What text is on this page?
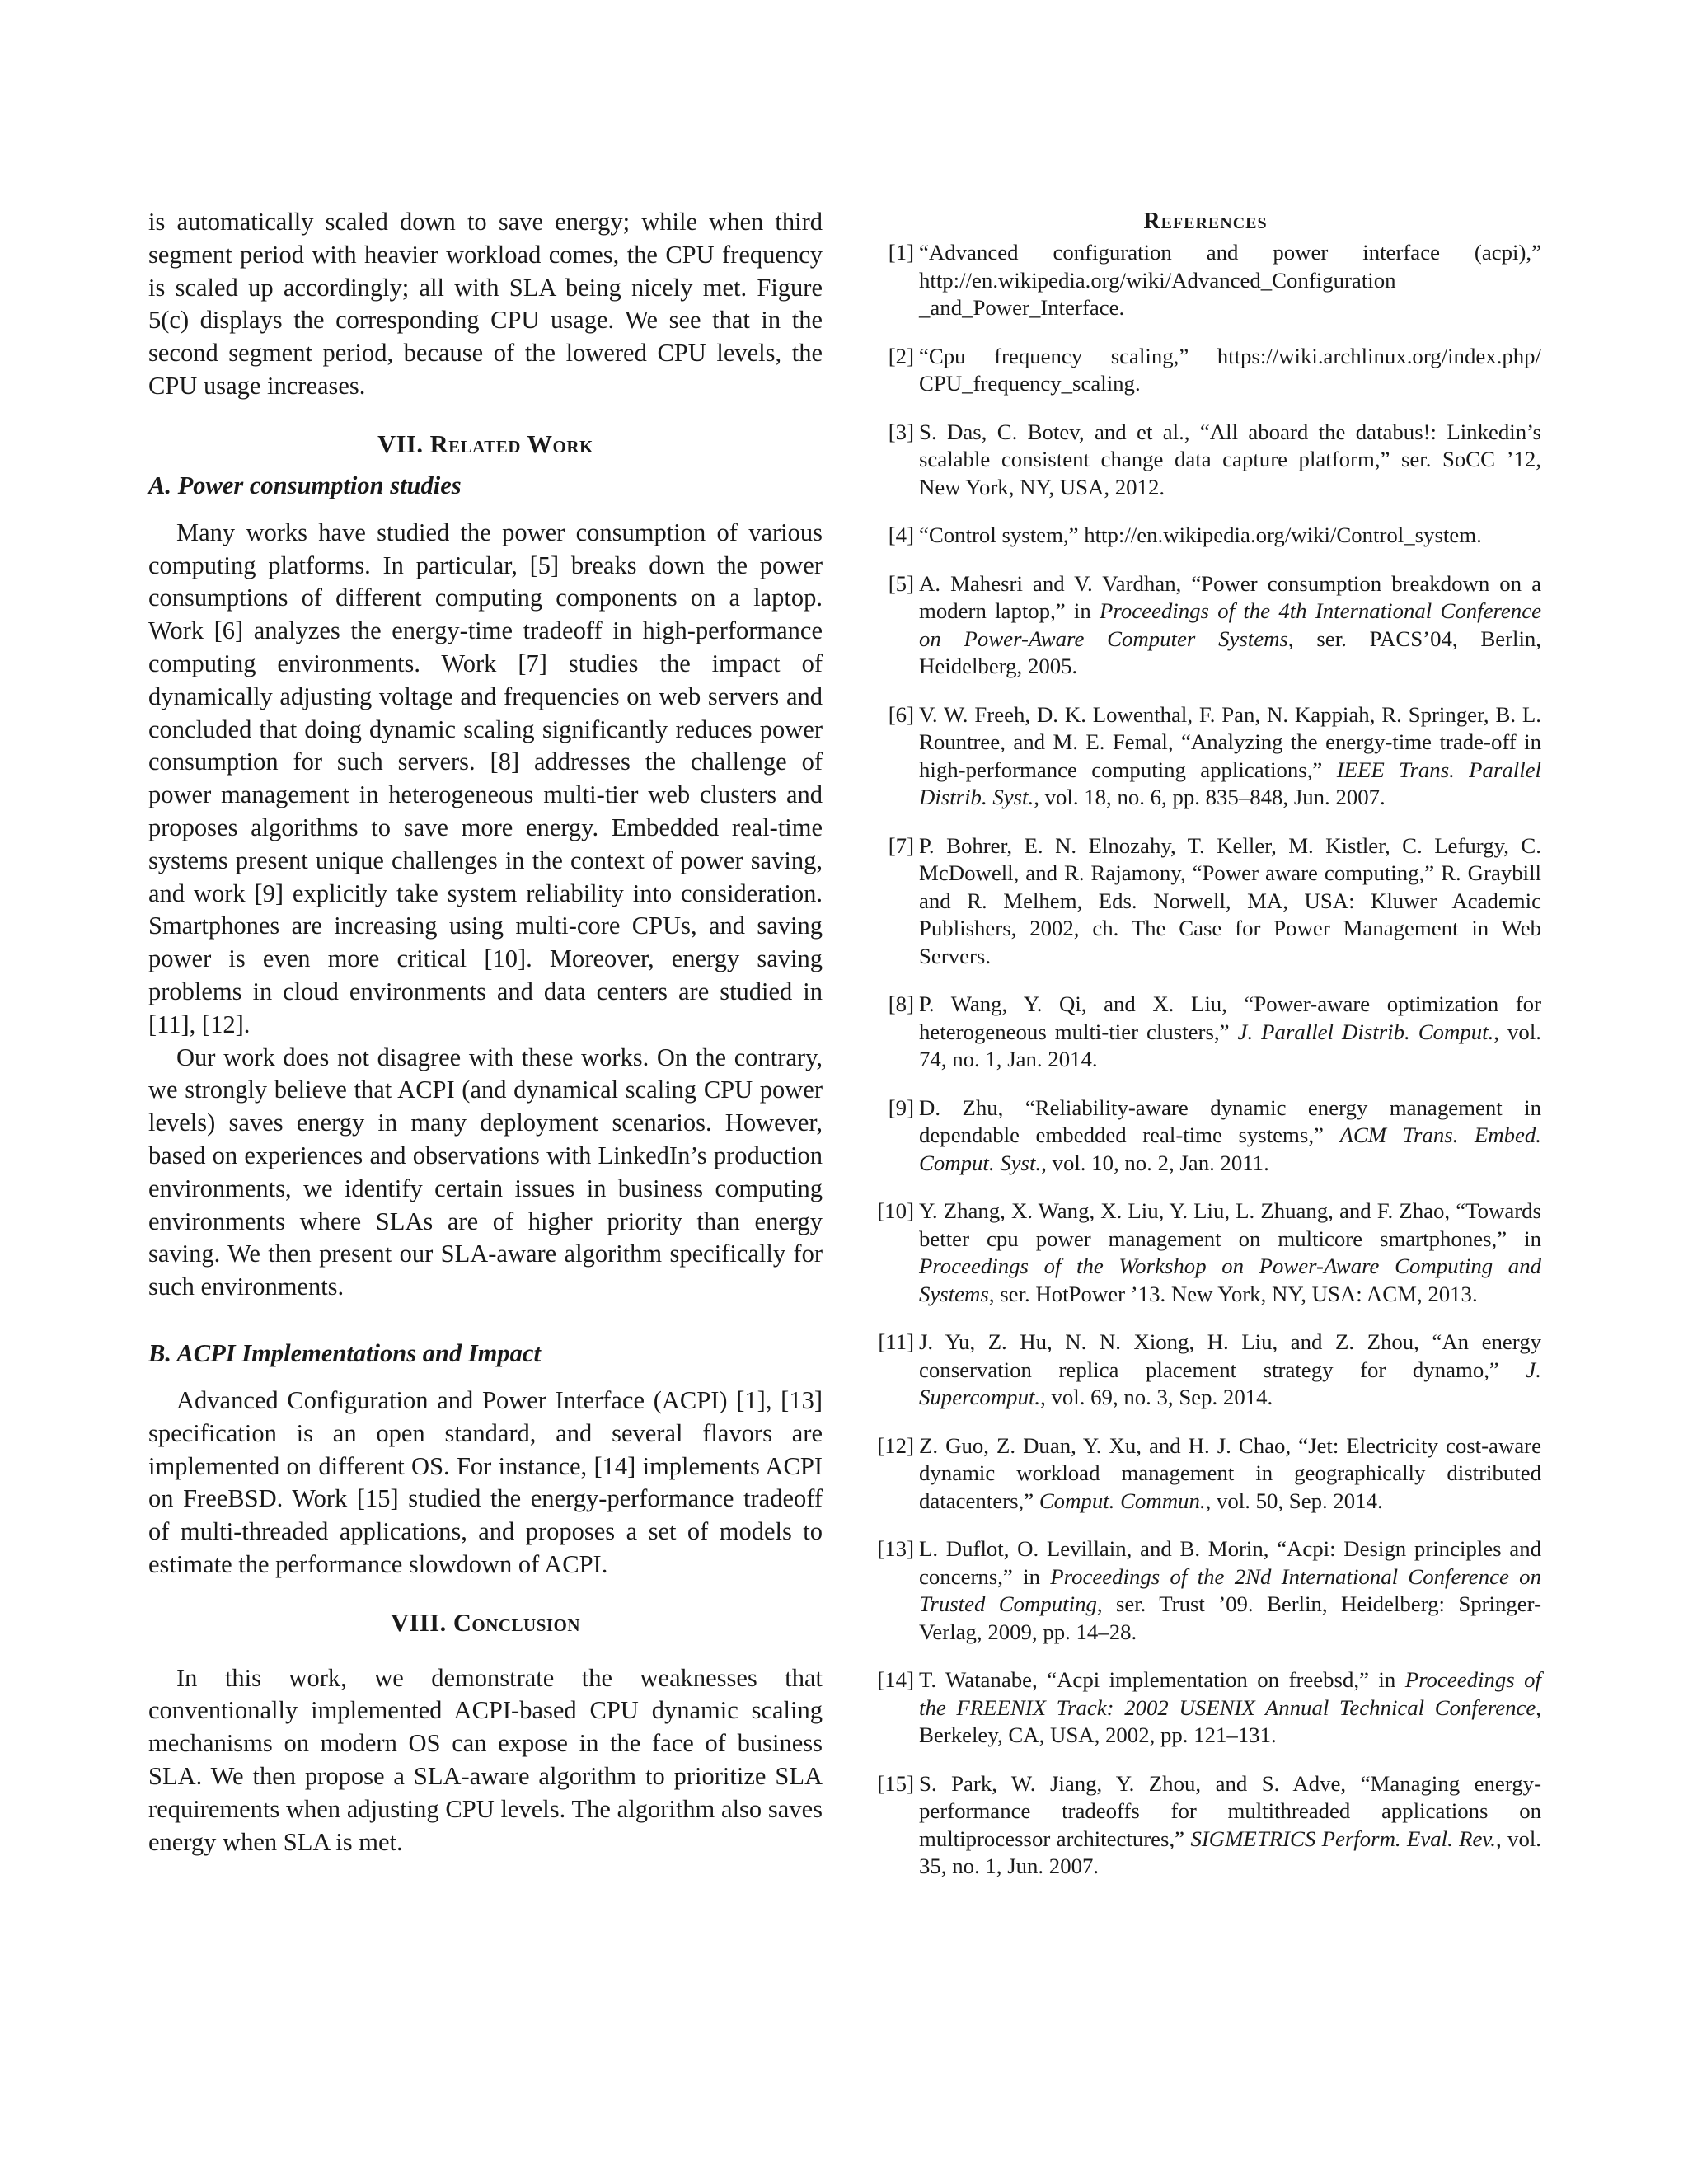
is automatically scaled down to save energy; while when third segment period with heavier workload comes, the CPU frequency is scaled up accordingly; all with SLA being nicely met. Figure 5(c) displays the corresponding CPU usage. We see that in the second segment period, because of the lowered CPU levels, the CPU usage increases.

VII. Related Work
A. Power consumption studies

Many works have studied the power consumption of various computing platforms. In particular, [5] breaks down the power consumptions of different computing components on a laptop. Work [6] analyzes the energy-time tradeoff in high-performance computing environments. Work [7] studies the impact of dynamically adjusting voltage and frequencies on web servers and concluded that doing dynamic scaling significantly reduces power consumption for such servers. [8] addresses the challenge of power management in heterogeneous multi-tier web clusters and proposes algorithms to save more energy. Embedded real-time systems present unique challenges in the context of power saving, and work [9] explicitly take system reliability into consideration. Smartphones are increasing using multi-core CPUs, and saving power is even more critical [10]. Moreover, energy saving problems in cloud environments and data centers are studied in [11], [12].

Our work does not disagree with these works. On the contrary, we strongly believe that ACPI (and dynamical scaling CPU power levels) saves energy in many deployment scenarios. However, based on experiences and observations with LinkedIn’s production environments, we identify certain issues in business computing environments where SLAs are of higher priority than energy saving. We then present our SLA-aware algorithm specifically for such environments.

B. ACPI Implementations and Impact

Advanced Configuration and Power Interface (ACPI) [1], [13] specification is an open standard, and several flavors are implemented on different OS. For instance, [14] implements ACPI on FreeBSD. Work [15] studied the energy-performance tradeoff of multi-threaded applications, and proposes a set of models to estimate the performance slowdown of ACPI.

VIII. Conclusion

In this work, we demonstrate the weaknesses that conventionally implemented ACPI-based CPU dynamic scaling mechanisms on modern OS can expose in the face of business SLA. We then propose a SLA-aware algorithm to prioritize SLA requirements when adjusting CPU levels. The algorithm also saves energy when SLA is met.

References
[1] “Advanced configuration and power interface (acpi),” http://en.wikipedia.org/wiki/Advanced_Configuration _and_Power_Interface.
[2] “Cpu frequency scaling,” https://wiki.archlinux.org/index.php/ CPU_frequency_scaling.
[3] S. Das, C. Botev, and et al., “All aboard the databus!: Linkedin’s scalable consistent change data capture platform,” ser. SoCC ’12, New York, NY, USA, 2012.
[4] “Control system,” http://en.wikipedia.org/wiki/Control_system.
[5] A. Mahesri and V. Vardhan, “Power consumption breakdown on a modern laptop,” in Proceedings of the 4th International Conference on Power-Aware Computer Systems, ser. PACS’04, Berlin, Heidelberg, 2005.
[6] V. W. Freeh, D. K. Lowenthal, F. Pan, N. Kappiah, R. Springer, B. L. Rountree, and M. E. Femal, “Analyzing the energy-time trade-off in high-performance computing applications,” IEEE Trans. Parallel Distrib. Syst., vol. 18, no. 6, pp. 835–848, Jun. 2007.
[7] P. Bohrer, E. N. Elnozahy, T. Keller, M. Kistler, C. Lefurgy, C. McDowell, and R. Rajamony, “Power aware computing,” R. Graybill and R. Melhem, Eds. Norwell, MA, USA: Kluwer Academic Publishers, 2002, ch. The Case for Power Management in Web Servers.
[8] P. Wang, Y. Qi, and X. Liu, “Power-aware optimization for heterogeneous multi-tier clusters,” J. Parallel Distrib. Comput., vol. 74, no. 1, Jan. 2014.
[9] D. Zhu, “Reliability-aware dynamic energy management in dependable embedded real-time systems,” ACM Trans. Embed. Comput. Syst., vol. 10, no. 2, Jan. 2011.
[10] Y. Zhang, X. Wang, X. Liu, Y. Liu, L. Zhuang, and F. Zhao, “Towards better cpu power management on multicore smartphones,” in Proceedings of the Workshop on Power-Aware Computing and Systems, ser. HotPower ’13. New York, NY, USA: ACM, 2013.
[11] J. Yu, Z. Hu, N. N. Xiong, H. Liu, and Z. Zhou, “An energy conservation replica placement strategy for dynamo,” J. Supercomput., vol. 69, no. 3, Sep. 2014.
[12] Z. Guo, Z. Duan, Y. Xu, and H. J. Chao, “Jet: Electricity cost-aware dynamic workload management in geographically distributed datacenters,” Comput. Commun., vol. 50, Sep. 2014.
[13] L. Duflot, O. Levillain, and B. Morin, “Acpi: Design principles and concerns,” in Proceedings of the 2Nd International Conference on Trusted Computing, ser. Trust ’09. Berlin, Heidelberg: Springer-Verlag, 2009, pp. 14–28.
[14] T. Watanabe, “Acpi implementation on freebsd,” in Proceedings of the FREENIX Track: 2002 USENIX Annual Technical Conference, Berkeley, CA, USA, 2002, pp. 121–131.
[15] S. Park, W. Jiang, Y. Zhou, and S. Adve, “Managing energy-performance tradeoffs for multithreaded applications on multiprocessor architectures,” SIGMETRICS Perform. Eval. Rev., vol. 35, no. 1, Jun. 2007.
